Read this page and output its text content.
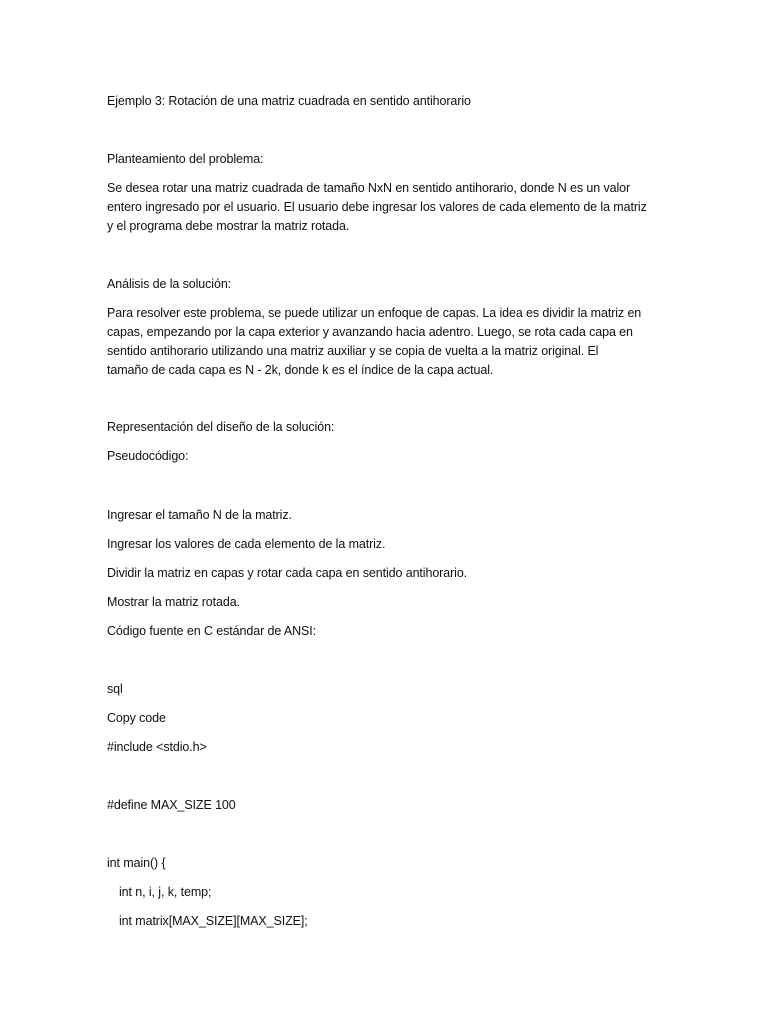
Ejemplo 3: Rotación de una matriz cuadrada en sentido antihorario
Planteamiento del problema:
Se desea rotar una matriz cuadrada de tamaño NxN en sentido antihorario, donde N es un valor
entero ingresado por el usuario. El usuario debe ingresar los valores de cada elemento de la matriz
y el programa debe mostrar la matriz rotada.
Análisis de la solución:
Para resolver este problema, se puede utilizar un enfoque de capas. La idea es dividir la matriz en
capas, empezando por la capa exterior y avanzando hacia adentro. Luego, se rota cada capa en
sentido antihorario utilizando una matriz auxiliar y se copia de vuelta a la matriz original. El
tamaño de cada capa es N - 2k, donde k es el índice de la capa actual.
Representación del diseño de la solución:
Pseudocódigo:
Ingresar el tamaño N de la matriz.
Ingresar los valores de cada elemento de la matriz.
Dividir la matriz en capas y rotar cada capa en sentido antihorario.
Mostrar la matriz rotada.
Código fuente en C estándar de ANSI:
sql
Copy code
#include <stdio.h>
#define MAX_SIZE 100
int main() {
int n, i, j, k, temp;
int matrix[MAX_SIZE][MAX_SIZE];
